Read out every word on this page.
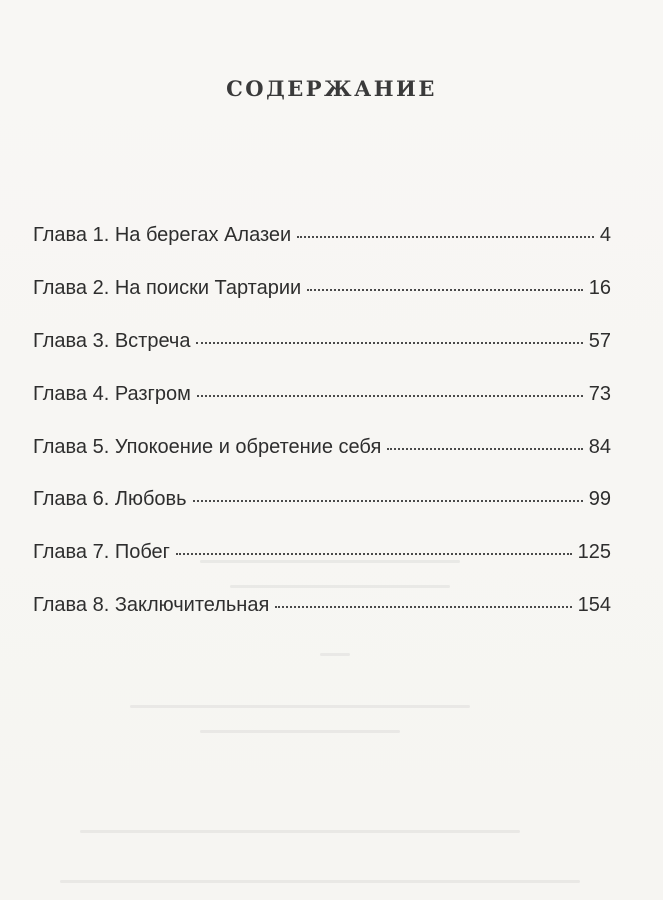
СОДЕРЖАНИЕ
Глава 1. На берегах Алазеи	4
Глава 2. На поиски Тартарии	16
Глава 3. Встреча	57
Глава 4. Разгром	73
Глава 5. Упокоение и обретение себя	84
Глава 6. Любовь	99
Глава 7. Побег	125
Глава 8. Заключительная	154
